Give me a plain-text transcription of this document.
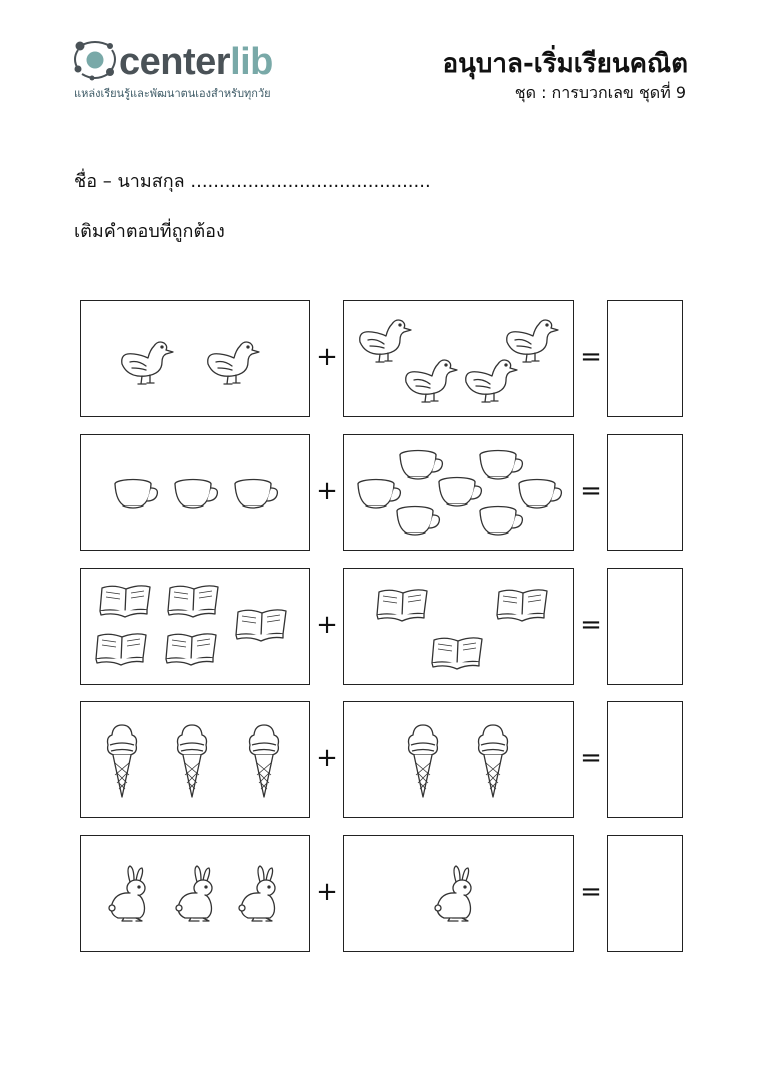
centerlib
แหล่งเรียนรู้และพัฒนาตนเองสำหรับทุกวัย
อนุบาล-เริ่มเรียนคณิต
ชุด : การบวกเลข ชุดที่ 9
ชื่อ – นามสกุล ..........................................
เติมคำตอบที่ถูกต้อง
+	=
+	=
+	=
+	=
+	=
